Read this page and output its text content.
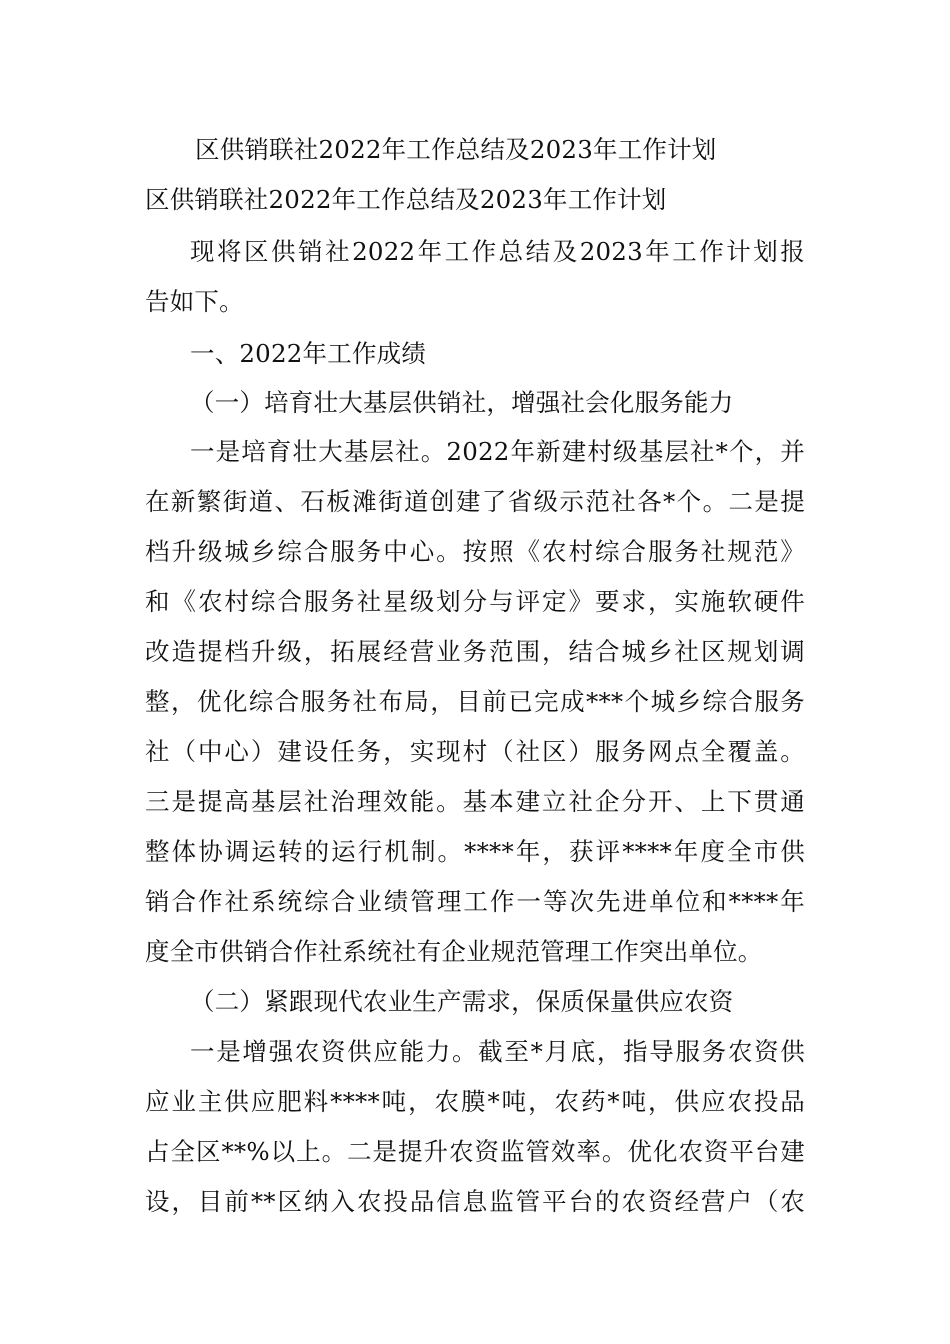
区供销联社2022年工作总结及2023年工作计划
区供销联社2022年工作总结及2023年工作计划
现将区供销社2022年工作总结及2023年工作计划报
告如下。
一、2022年工作成绩
（一）培育壮大基层供销社，增强社会化服务能力
一是培育壮大基层社。2022年新建村级基层社*个，并
在新繁街道、石板滩街道创建了省级示范社各*个。二是提
档升级城乡综合服务中心。按照《农村综合服务社规范》
和《农村综合服务社星级划分与评定》要求，实施软硬件
改造提档升级，拓展经营业务范围，结合城乡社区规划调
整，优化综合服务社布局，目前已完成***个城乡综合服务
社（中心）建设任务，实现村（社区）服务网点全覆盖。
三是提高基层社治理效能。基本建立社企分开、上下贯通
整体协调运转的运行机制。****年，获评****年度全市供
销合作社系统综合业绩管理工作一等次先进单位和****年
度全市供销合作社系统社有企业规范管理工作突出单位。
（二）紧跟现代农业生产需求，保质保量供应农资
一是增强农资供应能力。截至*月底，指导服务农资供
应业主供应肥料****吨，农膜*吨，农药*吨，供应农投品
占全区**%以上。二是提升农资监管效率。优化农资平台建
设，目前**区纳入农投品信息监管平台的农资经营户（农
